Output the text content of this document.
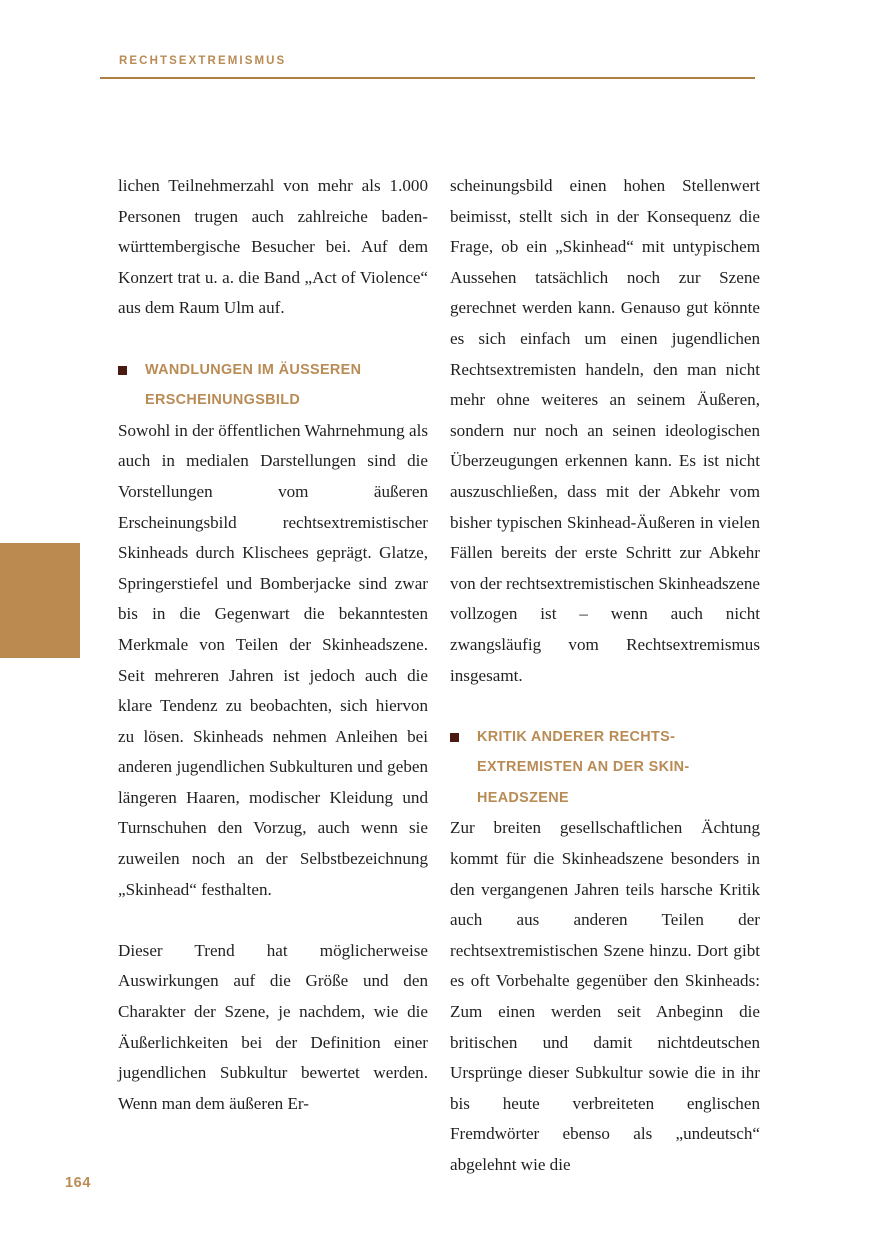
RECHTSEXTREMISMUS

lichen Teilnehmerzahl von mehr als 1.000 Personen trugen auch zahlreiche baden-württembergische Besucher bei. Auf dem Konzert trat u. a. die Band „Act of Violence“ aus dem Raum Ulm auf.

WANDLUNGEN IM ÄUSSEREN
ERSCHEINUNGSBILD

Sowohl in der öffentlichen Wahrnehmung als auch in medialen Darstellungen sind die Vorstellungen vom äußeren Erscheinungsbild rechtsextremistischer Skinheads durch Klischees geprägt. Glatze, Springerstiefel und Bomberjacke sind zwar bis in die Gegenwart die bekanntesten Merkmale von Teilen der Skinheadszene. Seit mehreren Jahren ist jedoch auch die klare Tendenz zu beobachten, sich hiervon zu lösen. Skinheads nehmen Anleihen bei anderen jugendlichen Subkulturen und geben längeren Haaren, modischer Kleidung und Turnschuhen den Vorzug, auch wenn sie zuweilen noch an der Selbstbezeichnung „Skinhead“ festhalten.

Dieser Trend hat möglicherweise Auswirkungen auf die Größe und den Charakter der Szene, je nachdem, wie die Äußerlichkeiten bei der Definition einer jugendlichen Subkultur bewertet werden. Wenn man dem äußeren Er-

scheinungsbild einen hohen Stellenwert beimisst, stellt sich in der Konsequenz die Frage, ob ein „Skinhead“ mit untypischem Aussehen tatsächlich noch zur Szene gerechnet werden kann. Genauso gut könnte es sich einfach um einen jugendlichen Rechtsextremisten handeln, den man nicht mehr ohne weiteres an seinem Äußeren, sondern nur noch an seinen ideologischen Überzeugungen erkennen kann. Es ist nicht auszuschließen, dass mit der Abkehr vom bisher typischen Skinhead-Äußeren in vielen Fällen bereits der erste Schritt zur Abkehr von der rechtsextremistischen Skinheadszene vollzogen ist – wenn auch nicht zwangsläufig vom Rechtsextremismus insgesamt.

KRITIK ANDERER RECHTS-
EXTREMISTEN AN DER SKIN-
HEADSZENE

Zur breiten gesellschaftlichen Ächtung kommt für die Skinheadszene besonders in den vergangenen Jahren teils harsche Kritik auch aus anderen Teilen der rechtsextremistischen Szene hinzu. Dort gibt es oft Vorbehalte gegenüber den Skinheads: Zum einen werden seit Anbeginn die britischen und damit nichtdeutschen Ursprünge dieser Subkultur sowie die in ihr bis heute verbreiteten englischen Fremdwörter ebenso als „undeutsch“ abgelehnt wie die

164
